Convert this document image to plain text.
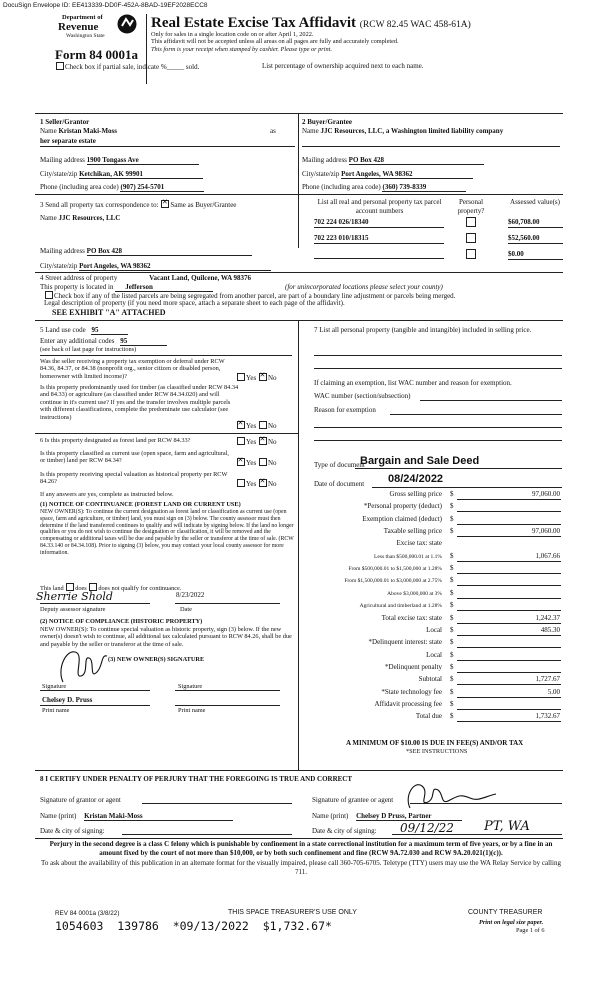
DocuSign Envelope ID: EE413339-DD0F-452A-8BAD-19EF2028ECC8
Department of
Revenue
Washington State
Form 84 0001a
Check box if partial sale, indicate %_____ sold.	List percentage of ownership acquired next to each name.
Real Estate Excise Tax Affidavit (RCW 82.45 WAC 458-61A)
Only for sales in a single location code on or after April 1, 2022.
This affidavit will not be accepted unless all areas on all pages are fully and accurately completed.
This form is your receipt when stamped by cashier. Please type or print.
1 Seller/Grantor
Name Kristan Maki-Moss	as
her separate estate
Mailing address 1900 Tongass Ave
City/state/zip Ketchikan, AK 99901
Phone (including area code) (907) 254-5701
2 Buyer/Grantee
Name JJC Resources, LLC, a Washington limited liability company
Mailing address PO Box 428
City/state/zip Port Angeles, WA 98362
Phone (including area code) (360) 739-8339
3 Send all property tax correspondence to: ✕ Same as Buyer/Grantee
Name JJC Resources, LLC
Mailing address PO Box 428
City/state/zip Port Angeles, WA 98362
List all real and personal property tax parcel account numbers
Personal property?
Assessed value(s)
702 224 026/18340	$60,708.00
702 223 010/18315	$52,560.00
$0.00
4 Street address of property	Vacant Land, Quilcene, WA 98376
This property is located in Jefferson	(for unincorporated locations please select your county)
Check box if any of the listed parcels are being segregated from another parcel, are part of a boundary line adjustment or parcels being merged.
Legal description of property (if you need more space, attach a separate sheet to each page of the affidavit).
SEE EXHIBIT "A" ATTACHED
5 Land use code 95
Enter any additional codes 95
(see back of last page for instructions)
Was the seller receiving a property tax exemption or deferral under RCW 84.36, 84.37, or 84.38 (nonprofit org., senior citizen or disabled person, homeowner with limited income)?	Yes ✕ No
Is this property predominantly used for timber (as classified under RCW 84.34 and 84.33) or agriculture (as classified under RCW 84.34.020) and will continue in it's current use? If yes and the transfer involves multiple parcels with different classifications, complete the predominate use calculator (see instructions)
✕Yes No
6 Is this property designated as forest land per RCW 84.33?	Yes ✕ No
Is this property classified as current use (open space, farm and agricultural, or timber) land per RCW 84.34? ✕	Yes No
Is this property receiving special valuation as historical property per RCW 84.26?	Yes ✕ No
If any answers are yes, complete as instructed below.
(1) NOTICE OF CONTINUANCE (FOREST LAND OR CURRENT USE)
NEW OWNER(S): To continue the current designation as forest land or classification as current use (open space, farm and agriculture, or timber) land, you must sign on (3) below. The county assessor must then determine if the land transferred continues to qualify and will indicate by signing below. If the land no longer qualifies or you do not wish to continue the designation or classification, it will be removed and the compensating or additional taxes will be due and payable by the seller or transferor at the time of sale. (RCW 84.33.140 or 84.34.108). Prior to signing (3) below, you may contact your local county assessor for more information.
This land does does not qualify for continuance.
Sherrie Shold	8/23/2022
Deputy assessor signature	Date
(2) NOTICE OF COMPLIANCE (HISTORIC PROPERTY)
NEW OWNER(S): To continue special valuation as historic property, sign (3) below. If the new owner(s) doesn't wish to continue, all additional tax calculated pursuant to RCW 84.26, shall be due and payable by the seller or transferor at the time of sale.
(3) NEW OWNER(S) SIGNATURE
Signature	Signature
Chelsey D. Pruss
Print name	Print name
7 List all personal property (tangible and intangible) included in selling price.
If claiming an exemption, list WAC number and reason for exemption.
WAC number (section/subsection)
Reason for exemption
Type of document
Bargain and Sale Deed
Date of document 08/24/2022
Gross selling price $	97,060.00
*Personal property (deduct) $
Exemption claimed (deduct) $
Taxable selling price $	97,060.00
Excise tax: state
Less than $500,000.01 at 1.1% $	1,067.66
From $500,000.01 to $1,500,000 at 1.28% $
From $1,500,000.01 to $3,000,000 at 2.75% $
Above $3,000,000 at 3% $
Agricultural and timberland at 1.28% $
Total excise tax: state $	1,242.37
Local $	485.30
*Delinquent interest: state $
Local $
*Delinquent penalty $
Subtotal $	1,727.67
*State technology fee $	5.00
Affidavit processing fee $
Total due $	1,732.67
A MINIMUM OF $10.00 IS DUE IN FEE(S) AND/OR TAX
*SEE INSTRUCTIONS
8 I CERTIFY UNDER PENALTY OF PERJURY THAT THE FOREGOING IS TRUE AND CORRECT
Signature of grantor or agent	Signature of grantee or agent
Name (print) Kristan Maki-Moss	Name (print) Chelsey D Pruss, Partner
Date & city of signing:	Date & city of signing: 09/12/22 PT, WA
Perjury in the second degree is a class C felony which is punishable by confinement in a state correctional institution for a maximum term of five years, or by a fine in an amount fixed by the court of not more than $10,000, or by both such confinement and fine (RCW 9A.72.030 and RCW 9A.20.021(1)(c)).
To ask about the availability of this publication in an alternate format for the visually impaired, please call 360-705-6705. Teletype (TTY) users may use the WA Relay Service by calling 711.
REV 84 0001a (3/8/22)	THIS SPACE TREASURER'S USE ONLY	COUNTY TREASURER
Print on legal size paper.
Page 1 of 6
1054603  139786  *09/13/2022  $1,732.67*
